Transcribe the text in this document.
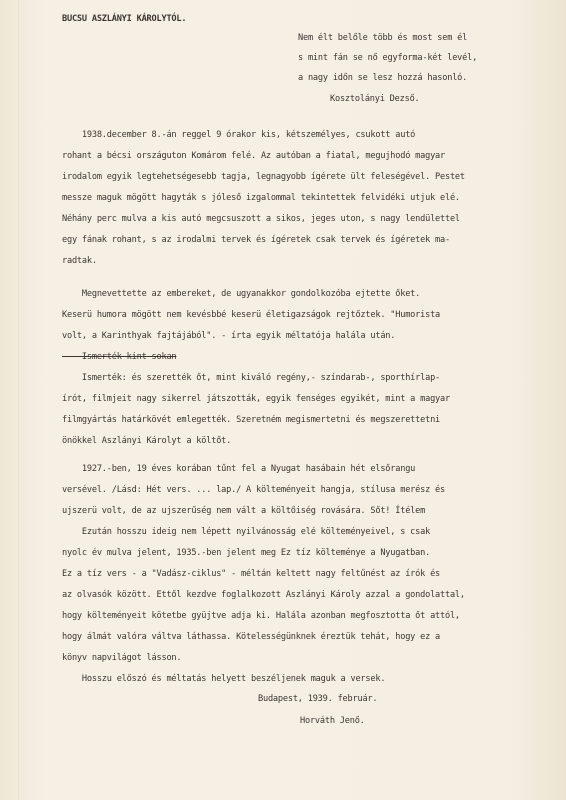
BUCSU ASZLÁNYI KÁROLYTÓL.
Nem élt belőle több és most sem él
s mint fán se nő egyforma-két levél,
a nagy időn se lesz hozzá hasonló.
Kosztolányi Dezső.
1938.december 8.-án reggel 9 órakor kis, kétszemélyes, csukott autó
rohant a bécsi országuton Komárom felé. Az autóban a fiatal, megujhodó magyar
irodalom egyik legtehetségesebb tagja, legnagyobb ígérete ült feleségével. Pestet
messze maguk mögött hagyták s jóleső izgalommal tekintettek felvidéki utjuk elé.
Néhány perc mulva a kis autó megcsuszott a sikos, jeges uton, s nagy lendülettel
egy fának rohant, s az irodalmi tervek és ígéretek csak tervek és ígéretek ma-
radtak.
Megnevettette az embereket, de ugyanakkor gondolkozóba ejtette őket.
Keserü humora mögött nem kevésbbé keserü életigazságok rejtőztek. "Humorista
volt, a Karinthyak fajtájából". - írta egyik méltatója halála után.
Ismerték kint sokan
Ismerték: és szerették őt, mint kiváló regény,- színdarab-, sporthírlap-
írót, filmjeit nagy sikerrel játszották, egyik fenséges egyikét, mint a magyar
filmgyártás határkövét emlegették. Szeretném megismertetni és megszerettetni
önökkel Aszlányi Károlyt a költőt.
1927.-ben, 19 éves korában tűnt fel a Nyugat hasábain hét elsőrangu
versével. /Lásd: Hét vers. ... lap./ A költeményeit hangja, stílusa merész és
ujszerü volt, de az ujszerűség nem vált a költőiség rovására. Sőt! Ítélem
Ezután hosszu ideig nem lépett nyilvánosság elé költeményeivel, s csak
nyolc év mulva jelent, 1935.-ben jelent meg Ez tíz költeménye a Nyugatban.
Ez a tíz vers - a "Vadász-ciklus" - méltán keltett nagy feltűnést az írók és
az olvasók között. Ettől kezdve foglalkozott Aszlányi Károly azzal a gondolattal,
hogy költeményeit kötetbe gyüjtve adja ki. Halála azonban megfosztotta őt attól,
hogy álmát valóra váltva láthassa. Kötelességünknek éreztük tehát, hogy ez a
könyv napvilágot lásson.
Hosszu előszó és méltatás helyett beszéljenek maguk a versek.
Budapest, 1939. február.
Horváth Jenő.
